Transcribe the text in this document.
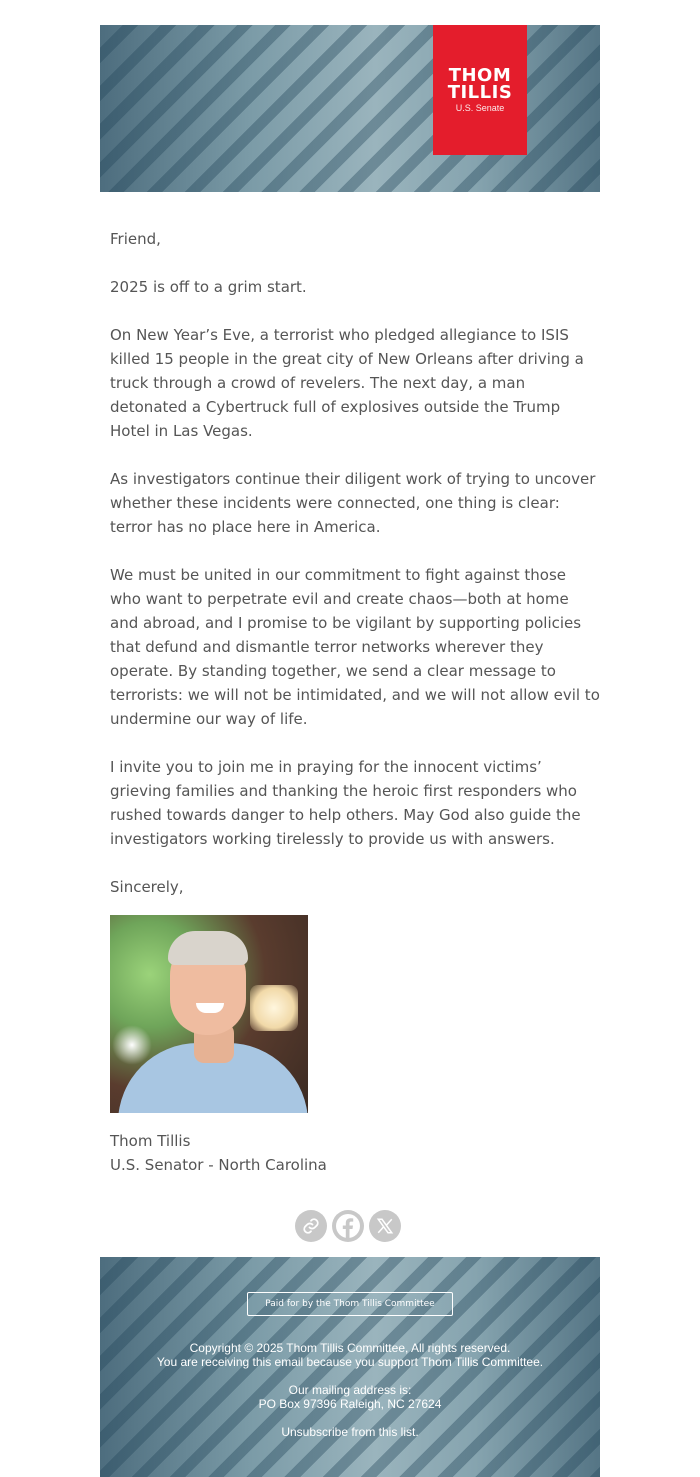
THOM
TILLIS
U.S. Senate

Friend,

2025 is off to a grim start.

On New Year’s Eve, a terrorist who pledged allegiance to ISIS killed 15 people in the great city of New Orleans after driving a truck through a crowd of revelers. The next day, a man detonated a Cybertruck full of explosives outside the Trump Hotel in Las Vegas.

As investigators continue their diligent work of trying to uncover whether these incidents were connected, one thing is clear: terror has no place here in America.

We must be united in our commitment to fight against those who want to perpetrate evil and create chaos—both at home and abroad, and I promise to be vigilant by supporting policies that defund and dismantle terror networks wherever they operate. By standing together, we send a clear message to terrorists: we will not be intimidated, and we will not allow evil to undermine our way of life.

I invite you to join me in praying for the innocent victims’ grieving families and thanking the heroic first responders who rushed towards danger to help others. May God also guide the investigators working tirelessly to provide us with answers.

Sincerely,

Thom Tillis
U.S. Senator - North Carolina
Paid for by the Thom Tillis Committee
Copyright © 2025 Thom Tillis Committee, All rights reserved.
You are receiving this email because you support Thom Tillis Committee.
Our mailing address is:
PO Box 97396 Raleigh, NC 27624
Unsubscribe from this list.
